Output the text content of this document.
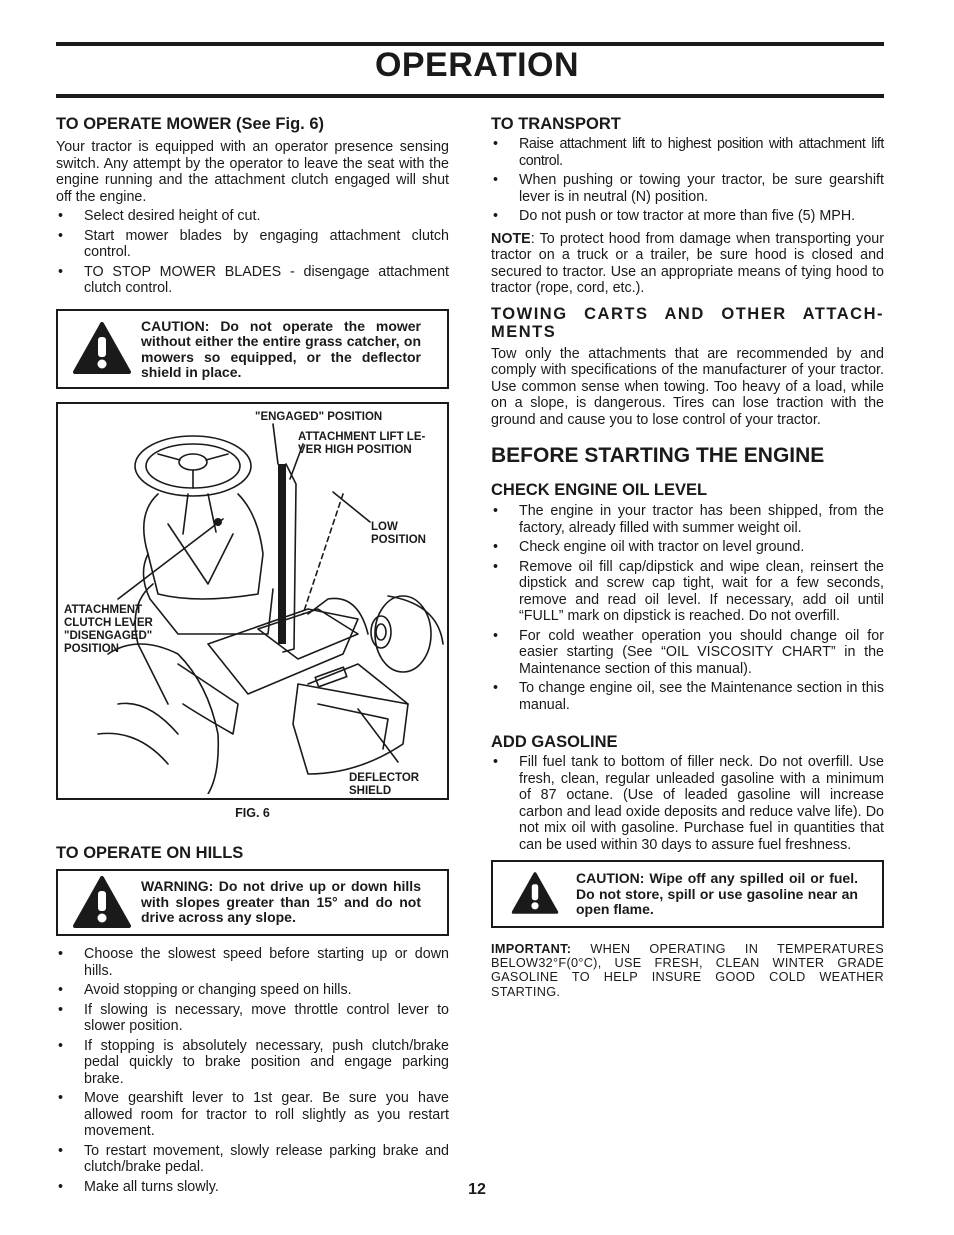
OPERATION
TO OPERATE MOWER (See Fig. 6)

Your tractor is equipped with an operator presence sensing switch. Any attempt by the operator to leave the seat with the engine running and the attachment clutch engaged will shut off the engine.

• Select desired height of cut.
• Start mower blades by engaging attachment clutch control.
• TO STOP MOWER BLADES - disengage attachment clutch control.
CAUTION: Do not operate the mower without either the entire grass catcher, on mowers so equipped, or the deflector shield in place.
"ENGAGED" POSITION
ATTACHMENT LIFT LE-
VER HIGH POSITION
LOW
POSITION
ATTACHMENT
CLUTCH LEVER
"DISENGAGED"
POSITION
DEFLECTOR
SHIELD
FIG. 6
TO OPERATE ON HILLS
WARNING: Do not drive up or down hills with slopes greater than 15° and do not drive across any slope.
• Choose the slowest speed before starting up or down hills.
• Avoid stopping or changing speed on hills.
• If slowing is necessary, move throttle control lever to slower position.
• If stopping is absolutely necessary, push clutch/brake pedal quickly to brake position and engage parking brake.
• Move gearshift lever to 1st gear. Be sure you have allowed room for tractor to roll slightly as you restart movement.
• To restart movement, slowly release parking brake and clutch/brake pedal.
• Make all turns slowly.
TO TRANSPORT
• Raise attachment lift to highest position with attachment lift control.
• When pushing or towing your tractor, be sure gearshift lever is in neutral (N) position.
• Do not push or tow tractor at more than five (5) MPH.

NOTE: To protect hood from damage when transporting your tractor on a truck or a trailer, be sure hood is closed and secured to tractor. Use an appropriate means of tying hood to tractor (rope, cord, etc.).

TOWING CARTS AND OTHER ATTACH-MENTS

Tow only the attachments that are recommended by and comply with specifications of the manufacturer of your tractor. Use common sense when towing. Too heavy of a load, while on a slope, is dangerous. Tires can lose traction with the ground and cause you to lose control of your tractor.

BEFORE STARTING THE ENGINE
CHECK ENGINE OIL LEVEL
• The engine in your tractor has been shipped, from the factory, already filled with summer weight oil.
• Check engine oil with tractor on level ground.
• Remove oil fill cap/dipstick and wipe clean, reinsert the dipstick and screw cap tight, wait for a few seconds, remove and read oil level. If necessary, add oil until “FULL” mark on dipstick is reached. Do not overfill.
• For cold weather operation you should change oil for easier starting (See “OIL VISCOSITY CHART” in the Maintenance section of this manual).
• To change engine oil, see the Maintenance section in this manual.
ADD GASOLINE
• Fill fuel tank to bottom of filler neck. Do not overfill. Use fresh, clean, regular unleaded gasoline with a minimum of 87 octane. (Use of leaded gasoline will increase carbon and lead oxide deposits and reduce valve life). Do not mix oil with gasoline. Purchase fuel in quantities that can be used within 30 days to assure fuel freshness.
CAUTION: Wipe off any spilled oil or fuel. Do not store, spill or use gasoline near an open flame.

IMPORTANT: WHEN OPERATING IN TEMPERATURES BELOW32°F(0°C), USE FRESH, CLEAN WINTER GRADE GASOLINE TO HELP INSURE GOOD COLD WEATHER STARTING.

12
